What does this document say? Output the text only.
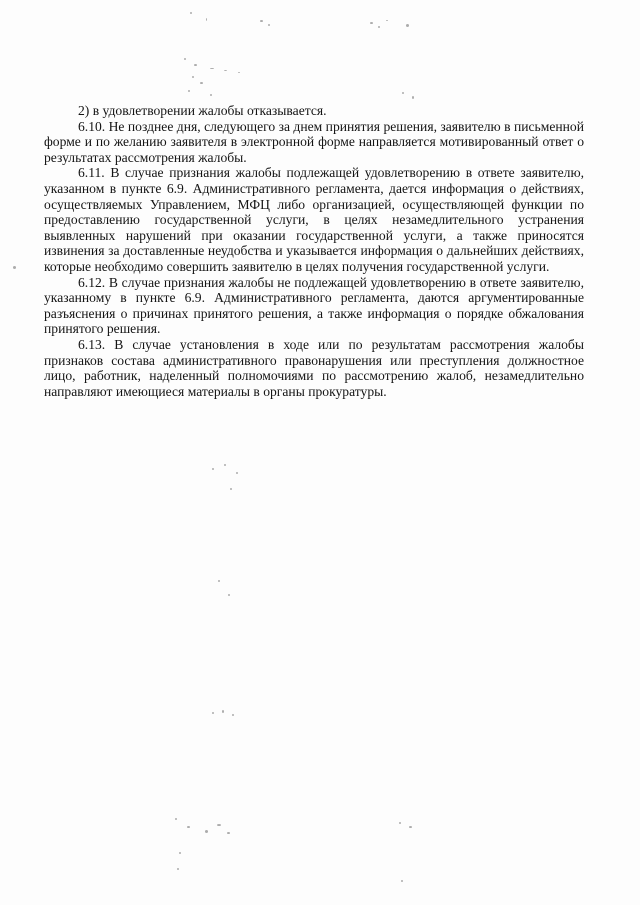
2) в удовлетворении жалобы отказывается.

6.10. Не позднее дня, следующего за днем принятия решения, заявителю в письменной форме и по желанию заявителя в электронной форме направляется мотивированный ответ о результатах рассмотрения жалобы.

6.11. В случае признания жалобы подлежащей удовлетворению в ответе заявителю, указанном в пункте 6.9. Административного регламента, дается информация о действиях, осуществляемых Управлением, МФЦ либо организацией, осуществляющей функции по предоставлению государственной услуги, в целях незамедлительного устранения выявленных нарушений при оказании государственной услуги, а также приносятся извинения за доставленные неудобства и указывается информация о дальнейших действиях, которые необходимо совершить заявителю в целях получения государственной услуги.

6.12. В случае признания жалобы не подлежащей удовлетворению в ответе заявителю, указанному в пункте 6.9. Административного регламента, даются аргументированные разъяснения о причинах принятого решения, а также информация о порядке обжалования принятого решения.

6.13. В случае установления в ходе или по результатам рассмотрения жалобы признаков состава административного правонарушения или преступления должностное лицо, работник, наделенный полномочиями по рассмотрению жалоб, незамедлительно направляют имеющиеся материалы в органы прокуратуры.
